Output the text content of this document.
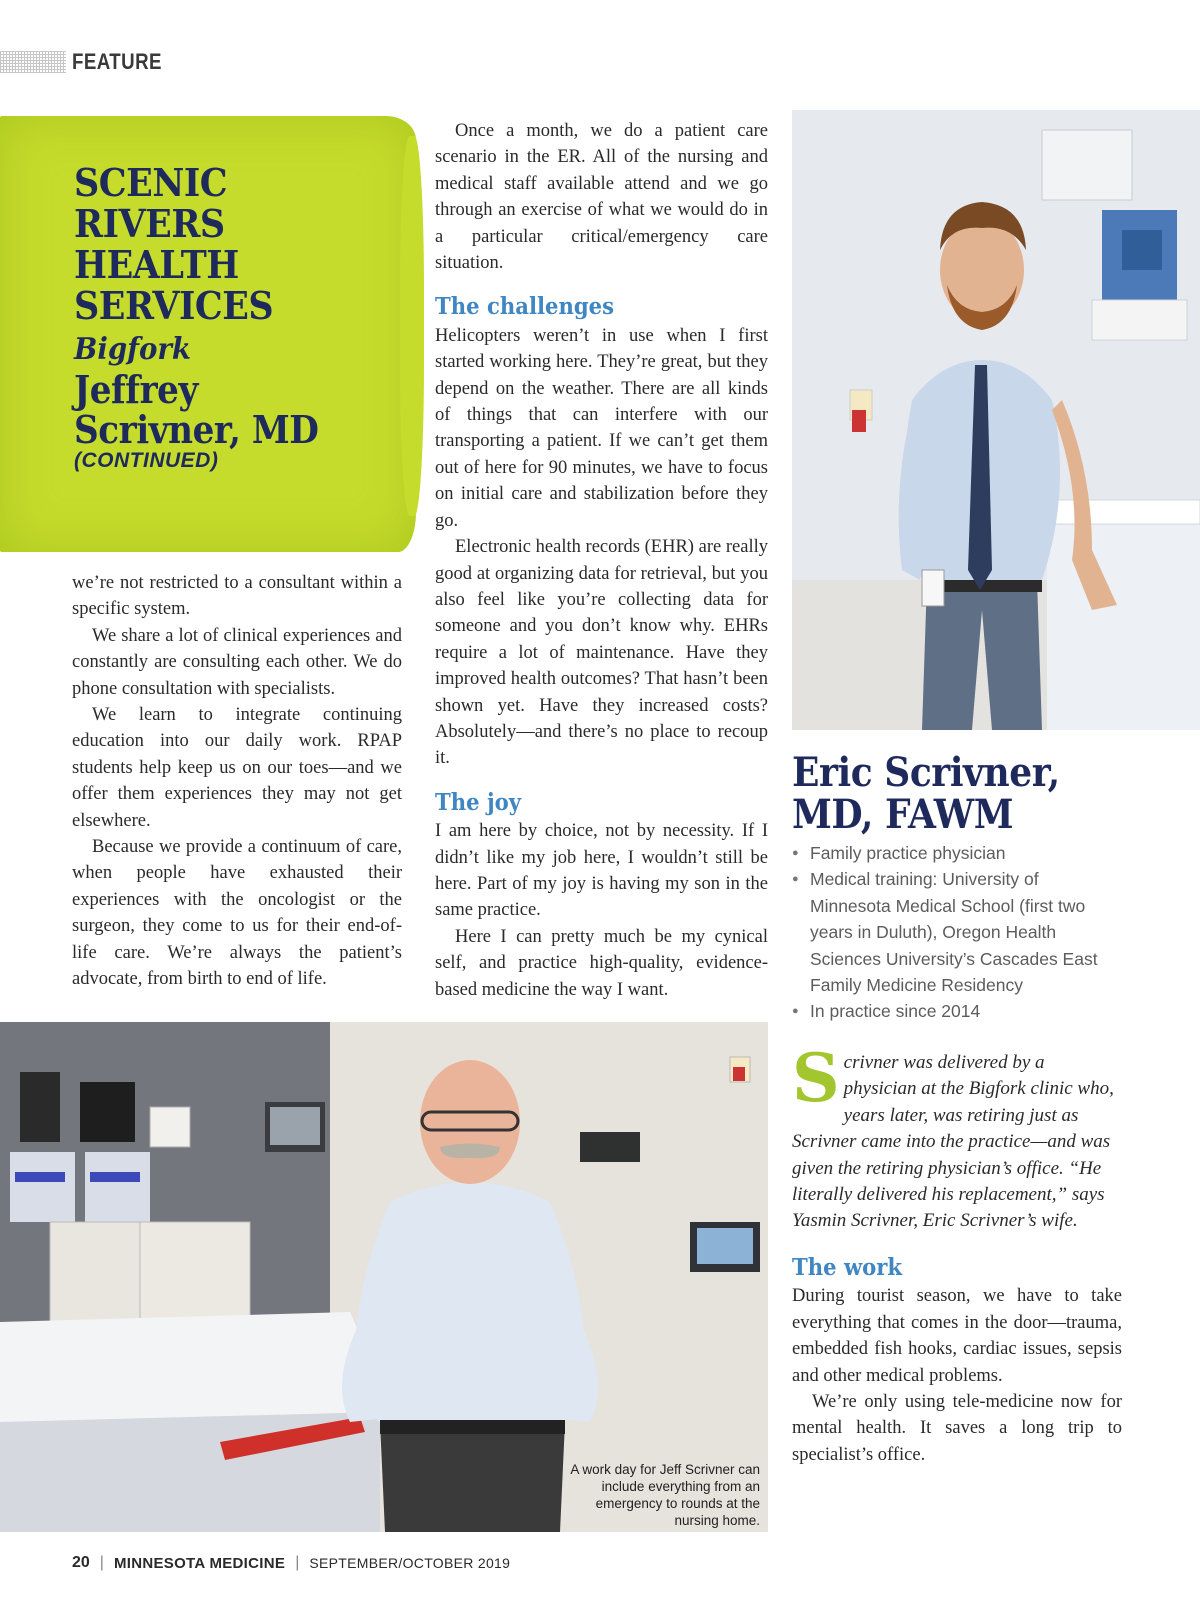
FEATURE
SCENIC
RIVERS
HEALTH
SERVICES
Bigfork
Jeffrey
Scrivner, MD
(CONTINUED)

we’re not restricted to a consultant within a specific system.

We share a lot of clinical experiences and constantly are consulting each other. We do phone consultation with specialists.

We learn to integrate continuing education into our daily work. RPAP students help keep us on our toes—and we offer them experiences they may not get elsewhere.

Because we provide a continuum of care, when people have exhausted their experiences with the oncologist or the surgeon, they come to us for their end-of-life care. We’re always the patient’s advocate, from birth to end of life.

Once a month, we do a patient care scenario in the ER. All of the nursing and medical staff available attend and we go through an exercise of what we would do in a particular critical/emergency care situation.

The challenges

Helicopters weren’t in use when I first started working here. They’re great, but they depend on the weather. There are all kinds of things that can interfere with our transporting a patient. If we can’t get them out of here for 90 minutes, we have to focus on initial care and stabilization before they go.

Electronic health records (EHR) are really good at organizing data for retrieval, but you also feel like you’re collecting data for someone and you don’t know why. EHRs require a lot of maintenance. Have they improved health outcomes? That hasn’t been shown yet. Have they increased costs? Absolutely—and there’s no place to recoup it.

The joy

I am here by choice, not by necessity. If I didn’t like my job here, I wouldn’t still be here. Part of my joy is having my son in the same practice.

Here I can pretty much be my cynical self, and practice high-quality, evidence-based medicine the way I want.

Eric Scrivner,
MD, FAWM
● Family practice physician
● Medical training: University of Minnesota Medical School (first two years in Duluth), Oregon Health Sciences University’s Cascades East Family Medicine Residency
● In practice since 2014
Scrivner was delivered by a physician at the Bigfork clinic who, years later, was retiring just as Scrivner came into the practice—and was given the retiring physician’s office. “He literally delivered his replacement,” says Yasmin Scrivner, Eric Scrivner’s wife.
The work

During tourist season, we have to take everything that comes in the door—trauma, embedded fish hooks, cardiac issues, sepsis and other medical problems.

We’re only using tele-medicine now for mental health. It saves a long trip to specialist’s office.

A work day for Jeff Scrivner can include everything from an emergency to rounds at the nursing home.
20 | MINNESOTA MEDICINE | SEPTEMBER/OCTOBER 2019
